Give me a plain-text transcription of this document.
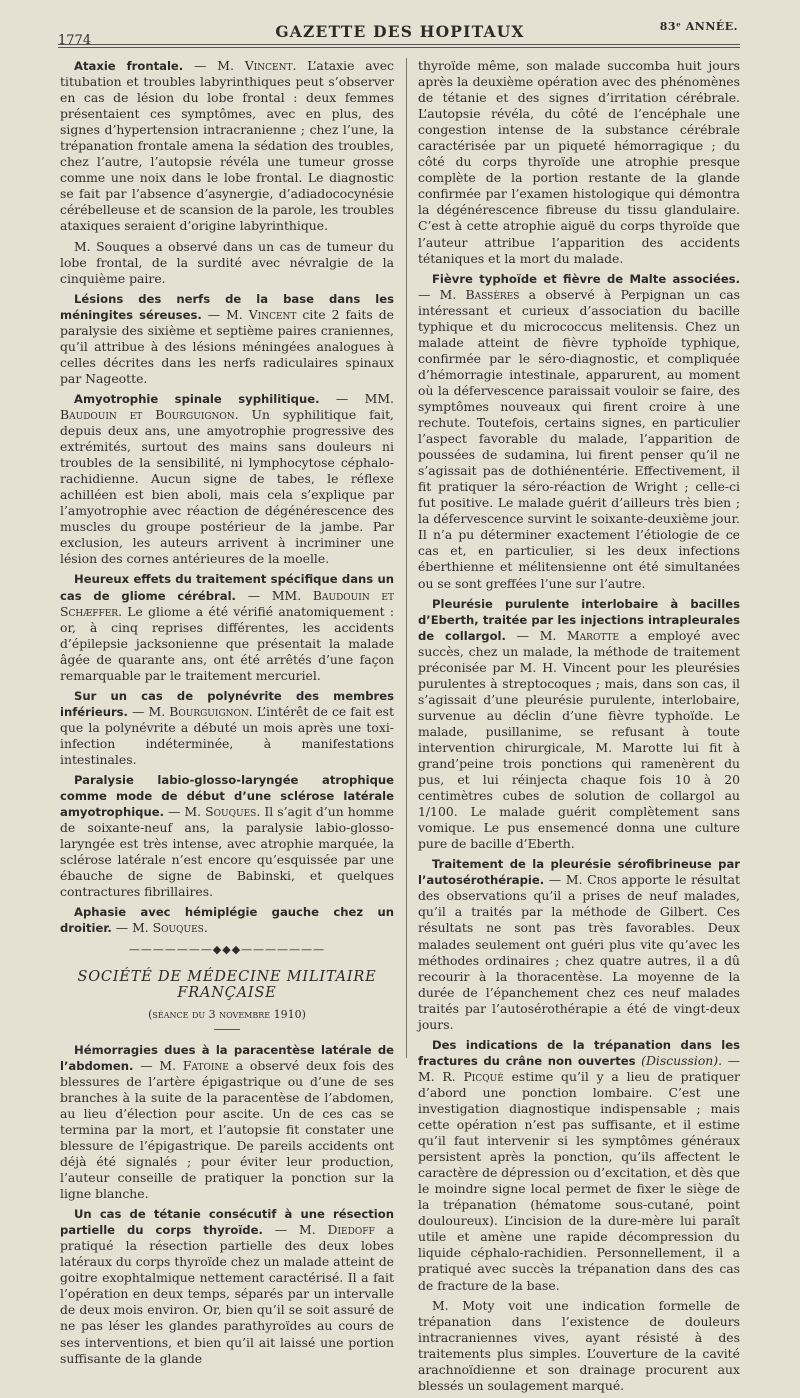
1774	GAZETTE DES HOPITAUX	83ᵉ ANNÉE.

Ataxie frontale. — M. Vincent. L’ataxie avec titubation et troubles labyrinthiques peut s’observer en cas de lésion du lobe frontal : deux femmes présentaient ces symptômes, avec en plus, des signes d’hypertension intracranienne ; chez l’une, la trépanation frontale amena la sédation des troubles, chez l’autre, l’autopsie révéla une tumeur grosse comme une noix dans le lobe frontal. Le diagnostic se fait par l’absence d’asynergie, d’adiadococynésie cérébelleuse et de scansion de la parole, les troubles ataxiques seraient d’origine labyrinthique.

M. Souques a observé dans un cas de tumeur du lobe frontal, de la surdité avec névralgie de la cinquième paire.

Lésions des nerfs de la base dans les méningites séreuses. — M. Vincent cite 2 faits de paralysie des sixième et septième paires craniennes, qu’il attribue à des lésions méningées analogues à celles décrites dans les nerfs radiculaires spinaux par Nageotte.

Amyotrophie spinale syphilitique. — MM. Baudouin et Bourguignon. Un syphilitique fait, depuis deux ans, une amyotrophie progressive des extrémités, surtout des mains sans douleurs ni troubles de la sensibilité, ni lymphocytose céphalo-rachidienne. Aucun signe de tabes, le réflexe achilléen est bien aboli, mais cela s’explique par l’amyotrophie avec réaction de dégénérescence des muscles du groupe postérieur de la jambe. Par exclusion, les auteurs arrivent à incriminer une lésion des cornes antérieures de la moelle.

Heureux effets du traitement spécifique dans un cas de gliome cérébral. — MM. Baudouin et Schæffer. Le gliome a été vérifié anatomiquement : or, à cinq reprises différentes, les accidents d’épilepsie jacksonienne que présentait la malade âgée de quarante ans, ont été arrêtés d’une façon remarquable par le traitement mercuriel.

Sur un cas de polynévrite des membres inférieurs. — M. Bourguignon. L’intérêt de ce fait est que la polynévrite a débuté un mois après une toxi-infection indéterminée, à manifestations intestinales.

Paralysie labio-glosso-laryngée atrophique comme mode de début d’une sclérose latérale amyotrophique. — M. Souques. Il s’agit d’un homme de soixante-neuf ans, la paralysie labio-glosso-laryngée est très intense, avec atrophie marquée, la sclérose latérale n’est encore qu’esquissée par une ébauche de signe de Babinski, et quelques contractures fibrillaires.

Aphasie avec hémiplégie gauche chez un droitier. — M. Souques.

———————◆◆◆———————
SOCIÉTÉ DE MÉDECINE MILITAIRE FRANÇAISE
(séance du 3 novembre 1910)

Hémorragies dues à la paracentèse latérale de l’abdomen. — M. Fatoine a observé deux fois des blessures de l’artère épigastrique ou d’une de ses branches à la suite de la paracentèse de l’abdomen, au lieu d’élection pour ascite. Un de ces cas se termina par la mort, et l’autopsie fit constater une blessure de l’épigastrique. De pareils accidents ont déjà été signalés ; pour éviter leur production, l’auteur conseille de pratiquer la ponction sur la ligne blanche.

Un cas de tétanie consécutif à une résection partielle du corps thyroïde. — M. Diedoff a pratiqué la résection partielle des deux lobes latéraux du corps thyroïde chez un malade atteint de goitre exophtalmique nettement caractérisé. Il a fait l’opération en deux temps, séparés par un intervalle de deux mois environ. Or, bien qu’il se soit assuré de ne pas léser les glandes parathyroïdes au cours de ses interventions, et bien qu’il ait laissé une portion suffisante de la glande

thyroïde même, son malade succomba huit jours après la deuxième opération avec des phénomènes de tétanie et des signes d’irritation cérébrale. L’autopsie révéla, du côté de l’encéphale une congestion intense de la substance cérébrale caractérisée par un piqueté hémorragique ; du côté du corps thyroïde une atrophie presque complète de la portion restante de la glande confirmée par l’examen histologique qui démontra la dégénérescence fibreuse du tissu glandulaire. C’est à cette atrophie aiguë du corps thyroïde que l’auteur attribue l’apparition des accidents tétaniques et la mort du malade.

Fièvre typhoïde et fièvre de Malte associées. — M. Bassères a observé à Perpignan un cas intéressant et curieux d’association du bacille typhique et du micrococcus melitensis. Chez un malade atteint de fièvre typhoïde typhique, confirmée par le séro-diagnostic, et compliquée d’hémorragie intestinale, apparurent, au moment où la défervescence paraissait vouloir se faire, des symptômes nouveaux qui firent croire à une rechute. Toutefois, certains signes, en particulier l’aspect favorable du malade, l’apparition de poussées de sudamina, lui firent penser qu’il ne s’agissait pas de dothiénentérie. Effectivement, il fit pratiquer la séro-réaction de Wright ; celle-ci fut positive. Le malade guérit d’ailleurs très bien ; la défervescence survint le soixante-deuxième jour. Il n’a pu déterminer exactement l’étiologie de ce cas et, en particulier, si les deux infections éberthienne et mélitensienne ont été simultanées ou se sont greffées l’une sur l’autre.

Pleurésie purulente interlobaire à bacilles d’Eberth, traitée par les injections intrapleurales de collargol. — M. Marotte a employé avec succès, chez un malade, la méthode de traitement préconisée par M. H. Vincent pour les pleurésies purulentes à streptocoques ; mais, dans son cas, il s’agissait d’une pleurésie purulente, interlobaire, survenue au déclin d’une fièvre typhoïde. Le malade, pusillanime, se refusant à toute intervention chirurgicale, M. Marotte lui fit à grand’peine trois ponctions qui ramenèrent du pus, et lui réinjecta chaque fois 10 à 20 centimètres cubes de solution de collargol au 1/100. Le malade guérit complètement sans vomique. Le pus ensemencé donna une culture pure de bacille d’Eberth.

Traitement de la pleurésie sérofibrineuse par l’autosérothérapie. — M. Cros apporte le résultat des observations qu’il a prises de neuf malades, qu’il a traités par la méthode de Gilbert. Ces résultats ne sont pas très favorables. Deux malades seulement ont guéri plus vite qu’avec les méthodes ordinaires ; chez quatre autres, il a dû recourir à la thoracentèse. La moyenne de la durée de l’épanchement chez ces neuf malades traités par l’autosérothérapie a été de vingt-deux jours.

Des indications de la trépanation dans les fractures du crâne non ouvertes (Discussion). — M. R. Picqué estime qu’il y a lieu de pratiquer d’abord une ponction lombaire. C’est une investigation diagnostique indispensable ; mais cette opération n’est pas suffisante, et il estime qu’il faut intervenir si les symptômes généraux persistent après la ponction, qu’ils affectent le caractère de dépression ou d’excitation, et dès que le moindre signe local permet de fixer le siège de la trépanation (hématome sous-cutané, point douloureux). L’incision de la dure-mère lui paraît utile et amène une rapide décompression du liquide céphalo-rachidien. Personnellement, il a pratiqué avec succès la trépanation dans des cas de fracture de la base.

M. Moty voit une indication formelle de trépanation dans l’existence de douleurs intracraniennes vives, ayant résisté à des traitements plus simples. L’ouverture de la cavité arachnoïdienne et son drainage procurent aux blessés un soulagement marqué.
